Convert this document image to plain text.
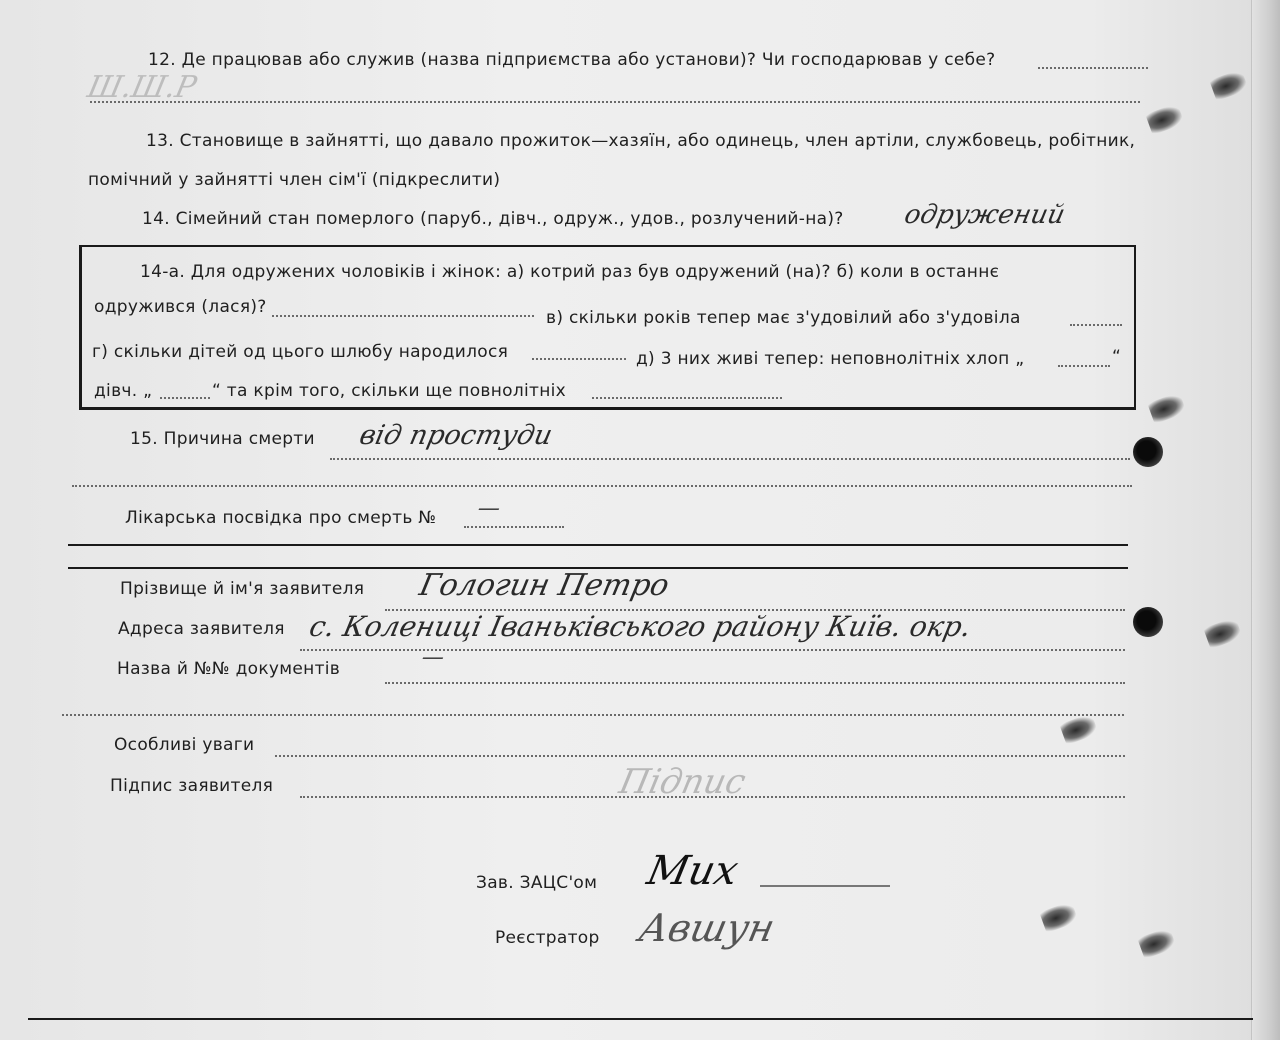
Ш.Ш.Р
12. Де працював або служив (назва підприємства або установи)? Чи господарював у себе?
13. Становище в зайнятті, що давало прожиток—хазяїн, або одинець, член артіли, службовець, робітник,
помічний у зайнятті член сім'ї (підкреслити)
14. Сімейний стан померлого (паруб., дівч., одруж., удов., розлучений-на)? одружений
14-а. Для одружених чоловіків і жінок: а) котрий раз був одружений (на)? б) коли в останнє
одружився (лася)?
в) скільки років тепер має з'удовілий або з'удовіла
г) скільки дітей од цього шлюбу народилося	д) 3 них живі тепер: неповнолітніх хлоп „	“
дівч. „	“ та крім того, скільки ще повнолітніх
15. Причина смерти від простуди
Лікарська посвідка про смерть № —
Прізвище й ім'я заявителя Гологин Петро
Адреса заявителя с. Колениці Іваньківського району Київ. окр.
Назва й №№ документів	—
Особливі уваги
Підпис заявителя	Підпис
Зав. ЗАЦС'ом Мих
Реєстратор Авшун
